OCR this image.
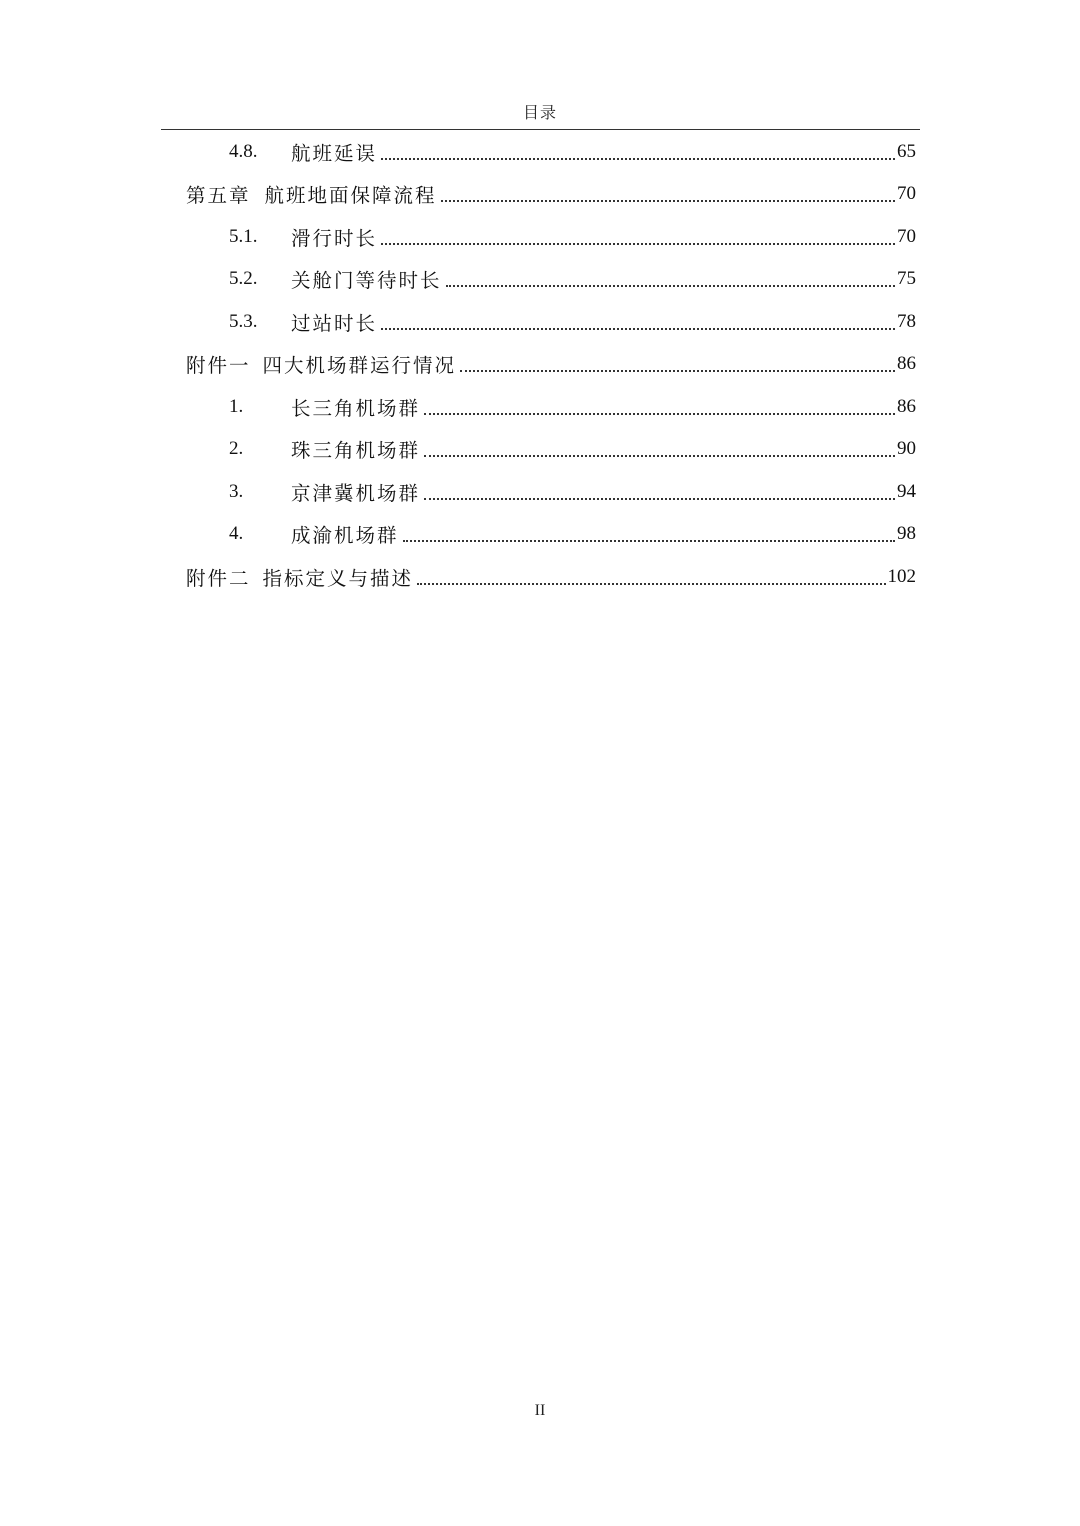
目录
4.8.	航班延误	65
第五章 航班地面保障流程	70
5.1.	滑行时长	70
5.2.	关舱门等待时长	75
5.3.	过站时长	78
附件一 四大机场群运行情况	86
1.	长三角机场群	86
2.	珠三角机场群	90
3.	京津冀机场群	94
4.	成渝机场群	98
附件二 指标定义与描述	102
II
